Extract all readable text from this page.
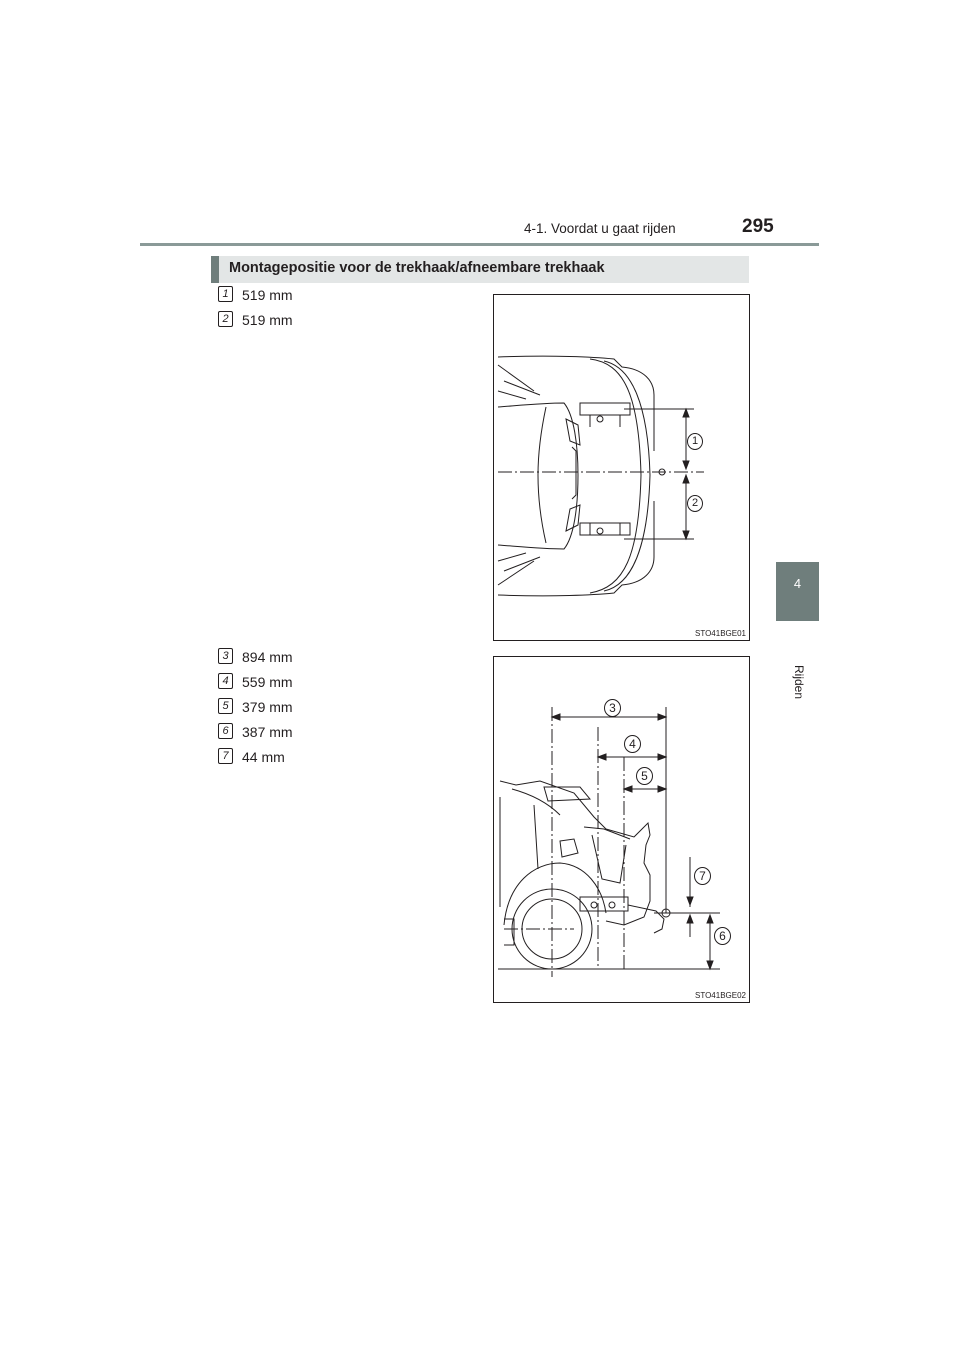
4-1. Voordat u gaat rijden	295
4
Rijden
Montagepositie voor de trekhaak/afneembare trekhaak
1 519 mm
2 519 mm
3 894 mm
4 559 mm
5 379 mm
6 387 mm
7 44 mm
1
2
STO41BGE01
3
4
5
7
6
STO41BGE02
